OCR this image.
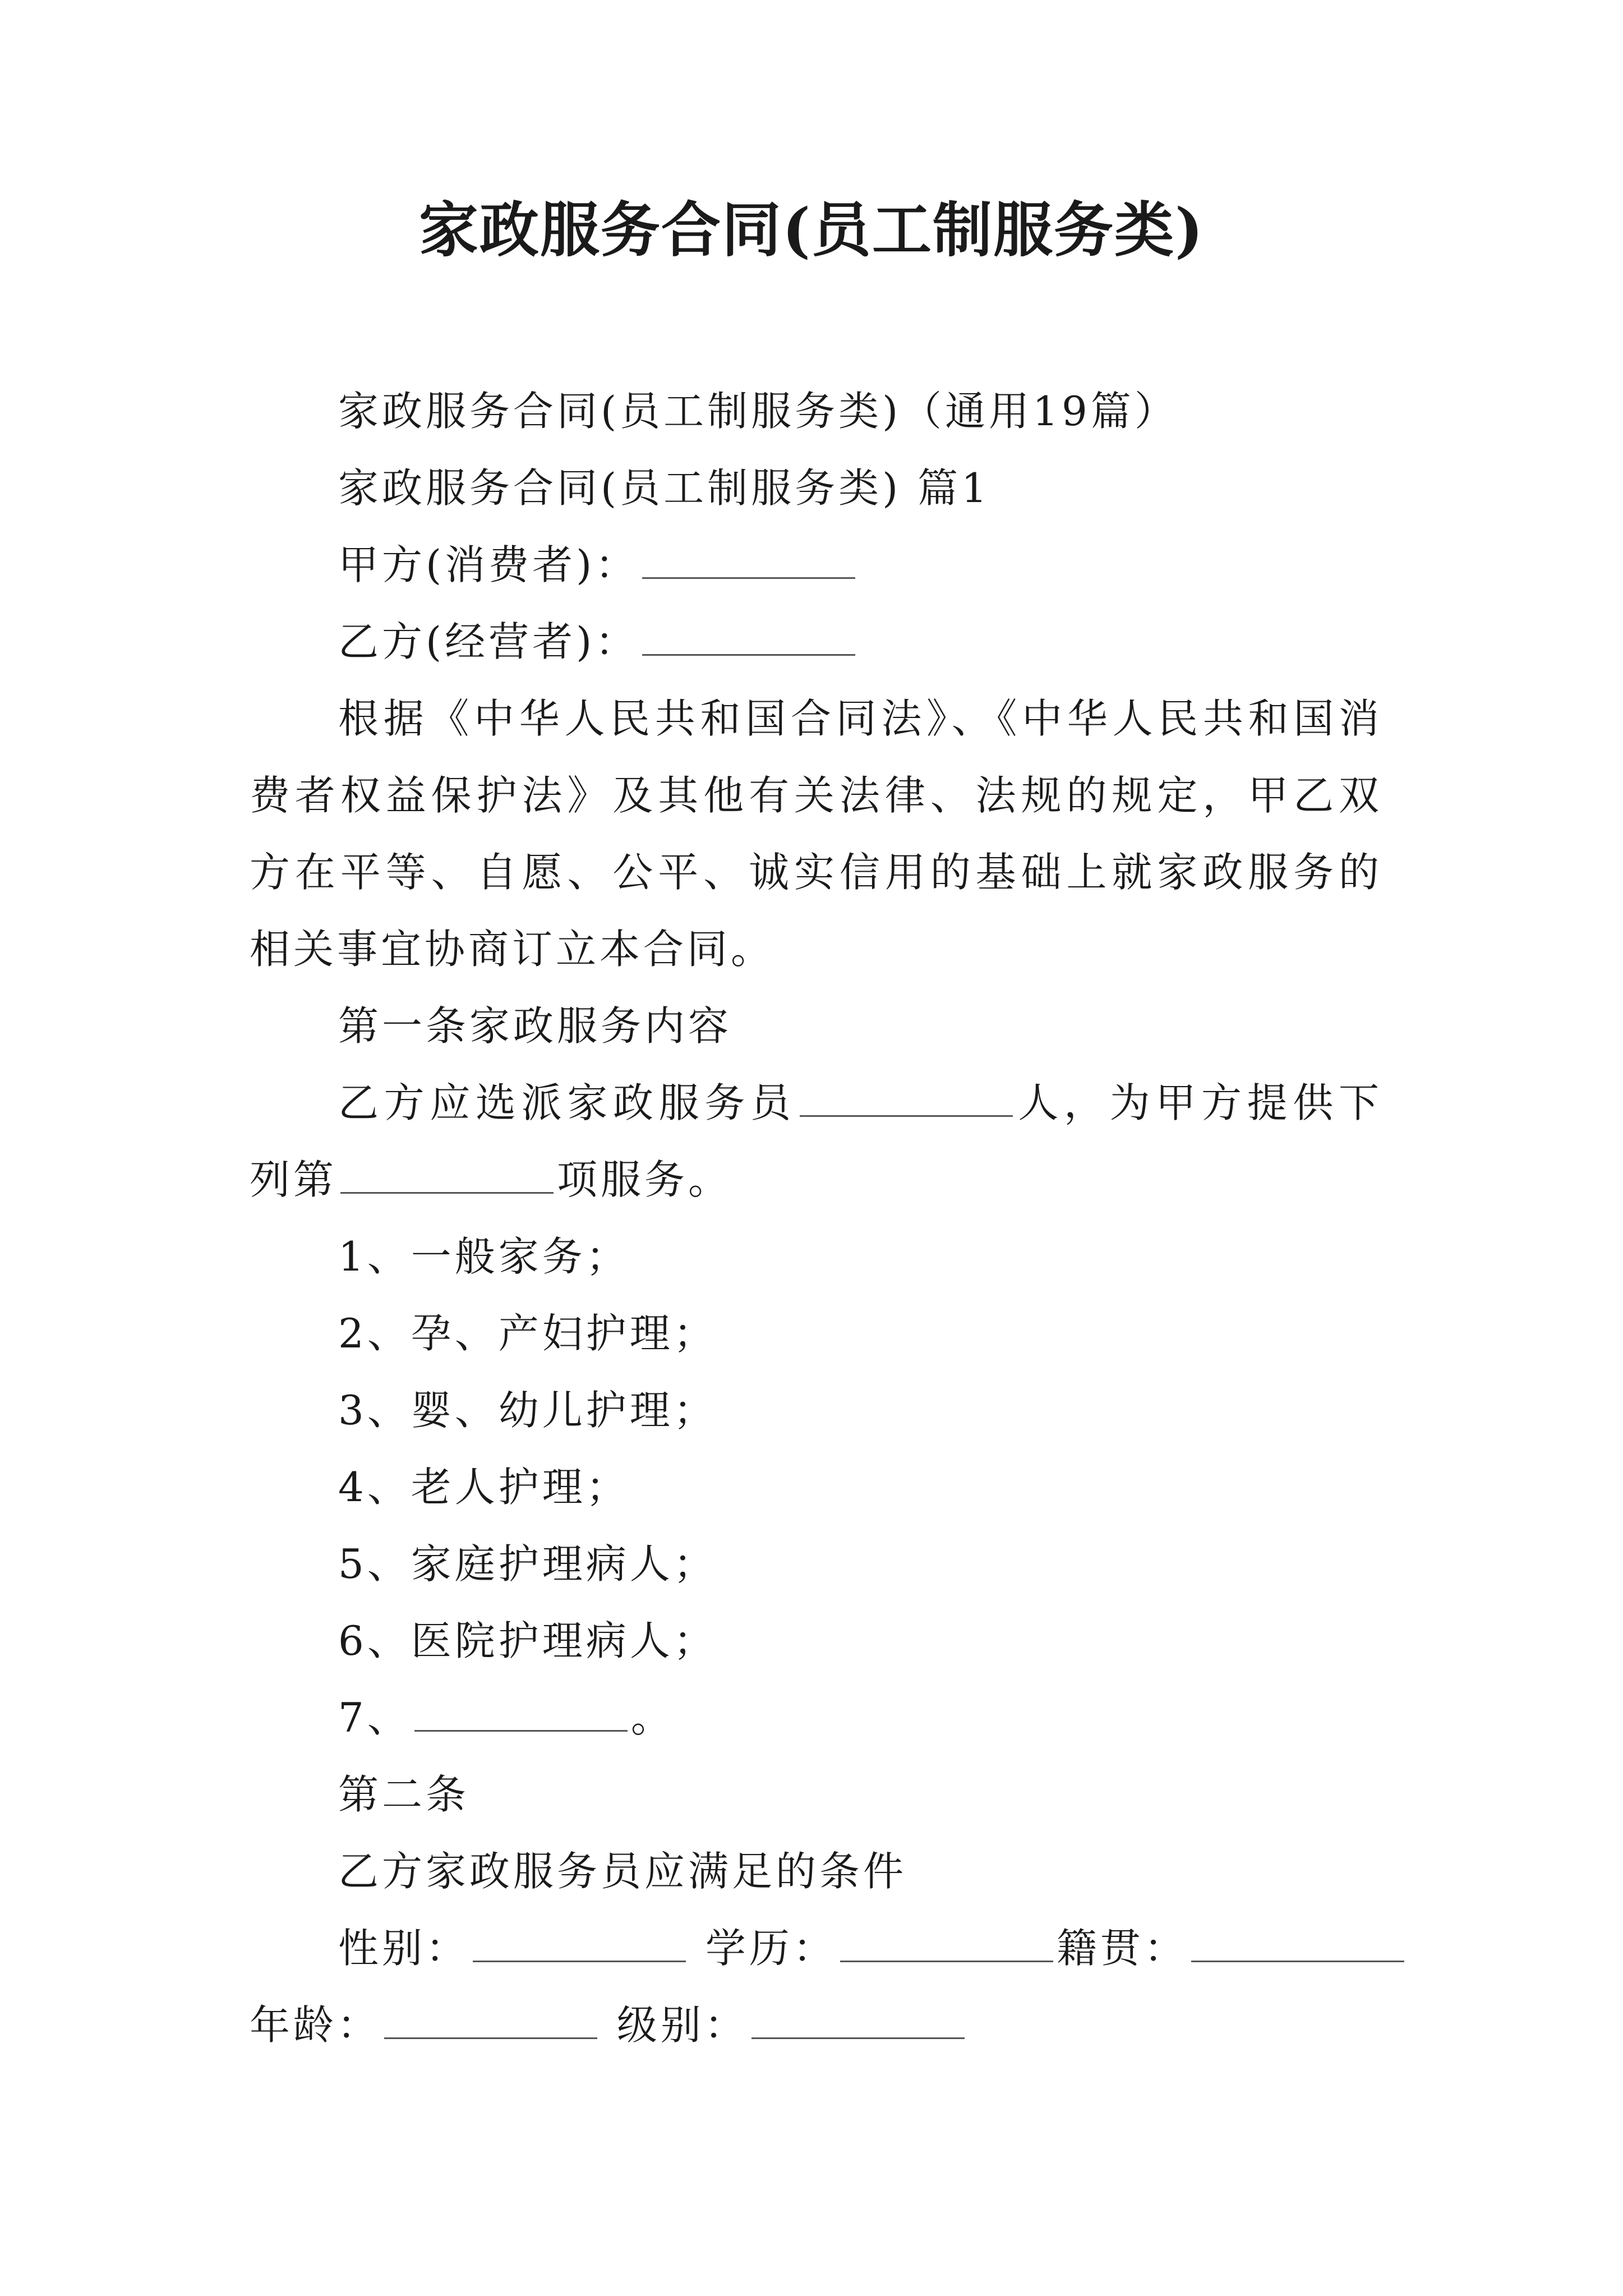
家政服务合同(员工制服务类)

家政服务合同(员工制服务类)（通用19篇）

家政服务合同(员工制服务类) 篇1

甲方(消费者)：

乙方(经营者)：

根据《中华人民共和国合同法》、《中华人民共和国消费者权益保护法》及其他有关法律、法规的规定，甲乙双方在平等、自愿、公平、诚实信用的基础上就家政服务的相关事宜协商订立本合同。

第一条家政服务内容

乙方应选派家政服务员	人，为甲方提供下列第	项服务。

1、一般家务；

2、孕、产妇护理；

3、婴、幼儿护理；

4、老人护理；

5、家庭护理病人；

6、医院护理病人；

7、	。

第二条

乙方家政服务员应满足的条件

性别：	学历：	籍贯：

年龄：	级别：
